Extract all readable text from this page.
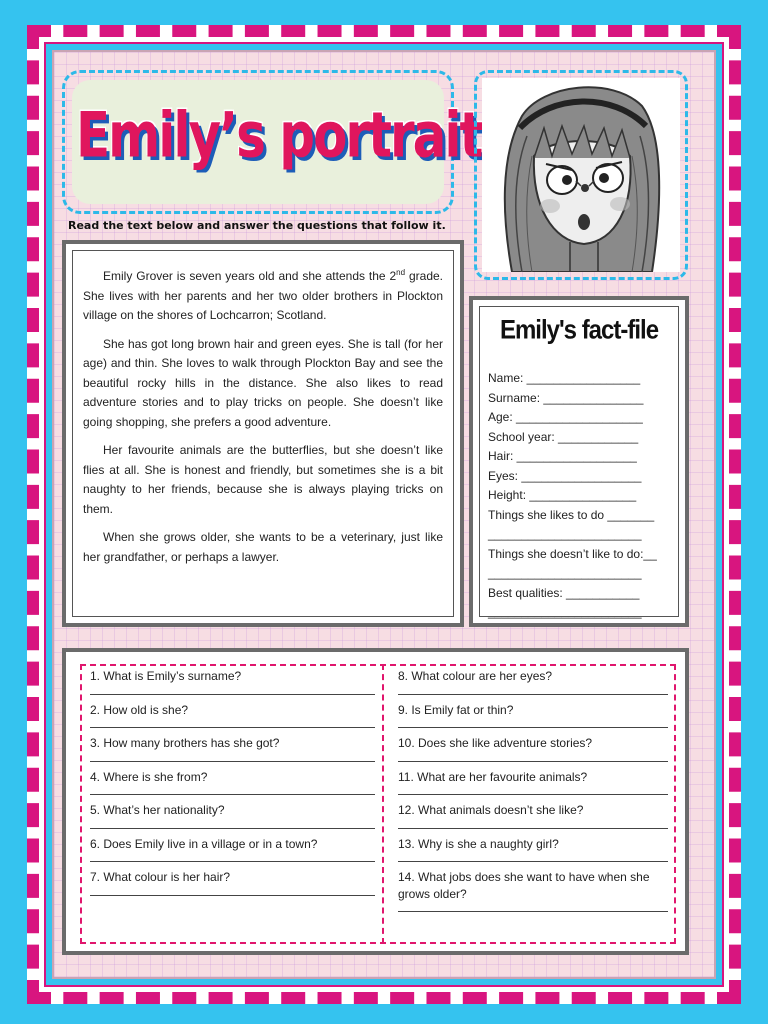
Emily’s portrait
Read the text below and answer the questions that follow it.

Emily Grover is seven years old and she attends the 2nd grade. She lives with her parents and her two older brothers in Plockton village on the shores of Lochcarron; Scotland.

She has got long brown hair and green eyes. She is tall (for her age) and thin. She loves to walk through Plockton Bay and see the beautiful rocky hills in the distance. She also likes to read adventure stories and to play tricks on people. She doesn’t like going shopping, she prefers a good adventure.

Her favourite animals are the butterflies, but she doesn’t like flies at all. She is honest and friendly, but sometimes she is a bit naughty to her friends, because she is always playing tricks on them.

When she grows older, she wants to be a veterinary, just like her grandfather, or perhaps a lawyer.

Emily's fact-file
Name: _________________
Surname: _______________
Age: ___________________
School year: ____________
Hair: __________________
Eyes: __________________
Height: ________________
Things she likes to do _______
_______________________
Things she doesn’t like to do:__
_______________________
Best qualities: ___________
_______________________
1. What is Emily’s surname?
2. How old is she?
3. How many brothers has she got?
4. Where is she from?
5. What’s her nationality?
6. Does Emily live in a village or in a town?
7. What colour is her hair?
8. What colour are her eyes?
9. Is Emily fat or thin?
10. Does she like adventure stories?
11. What are her favourite animals?
12. What animals doesn’t she like?
13. Why is she a naughty girl?
14. What jobs does she want to have when she grows older?
